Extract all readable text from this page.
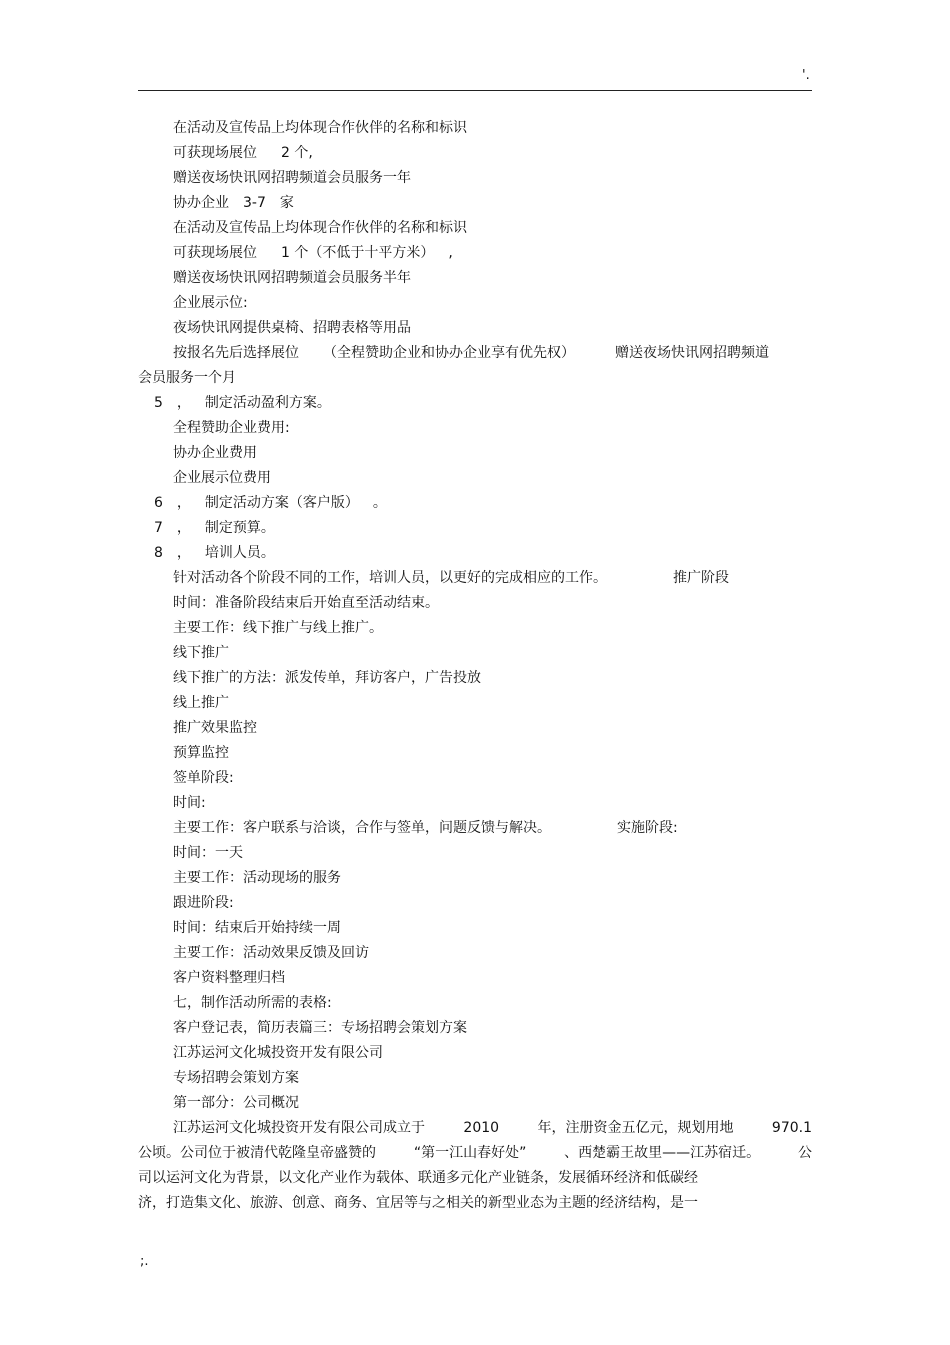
'.
在活动及宣传品上均体现合作伙伴的名称和标识
可获现场展位 2 个,
赠送夜场快讯网招聘频道会员服务一年
协办企业 3-7 家
在活动及宣传品上均体现合作伙伴的名称和标识
可获现场展位 1 个（不低于十平方米） ,
赠送夜场快讯网招聘频道会员服务半年
企业展示位:
夜场快讯网提供桌椅、招聘表格等用品
按报名先后选择展位 （全程赞助企业和协办企业享有优先权）	赠送夜场快讯网招聘频道
会员服务一个月
5 ， 制定活动盈利方案。
全程赞助企业费用:
协办企业费用
企业展示位费用
6 ， 制定活动方案（客户版） 。
7 ， 制定预算。
8 ， 培训人员。
针对活动各个阶段不同的工作，培训人员，以更好的完成相应的工作。	推广阶段
时间：准备阶段结束后开始直至活动结束。
主要工作：线下推广与线上推广。
线下推广
线下推广的方法：派发传单，拜访客户，广告投放
线上推广
推广效果监控
预算监控
签单阶段:
时间:
主要工作：客户联系与洽谈，合作与签单，问题反馈与解决。	实施阶段:
时间：一天
主要工作：活动现场的服务
跟进阶段:
时间：结束后开始持续一周
主要工作：活动效果反馈及回访
客户资料整理归档
七，制作活动所需的表格:
客户登记表，简历表篇三：专场招聘会策划方案
江苏运河文化城投资开发有限公司
专场招聘会策划方案
第一部分：公司概况
江苏运河文化城投资开发有限公司成立于	2010	年，注册资金五亿元，规划用地	970.1
公顷。公司位于被清代乾隆皇帝盛赞的	“第一江山春好处”	、西楚霸王故里——江苏宿迁。	公
司以运河文化为背景，以文化产业作为载体、联通多元化产业链条，发展循环经济和低碳经
济，打造集文化、旅游、创意、商务、宜居等与之相关的新型业态为主题的经济结构，是一
;.
